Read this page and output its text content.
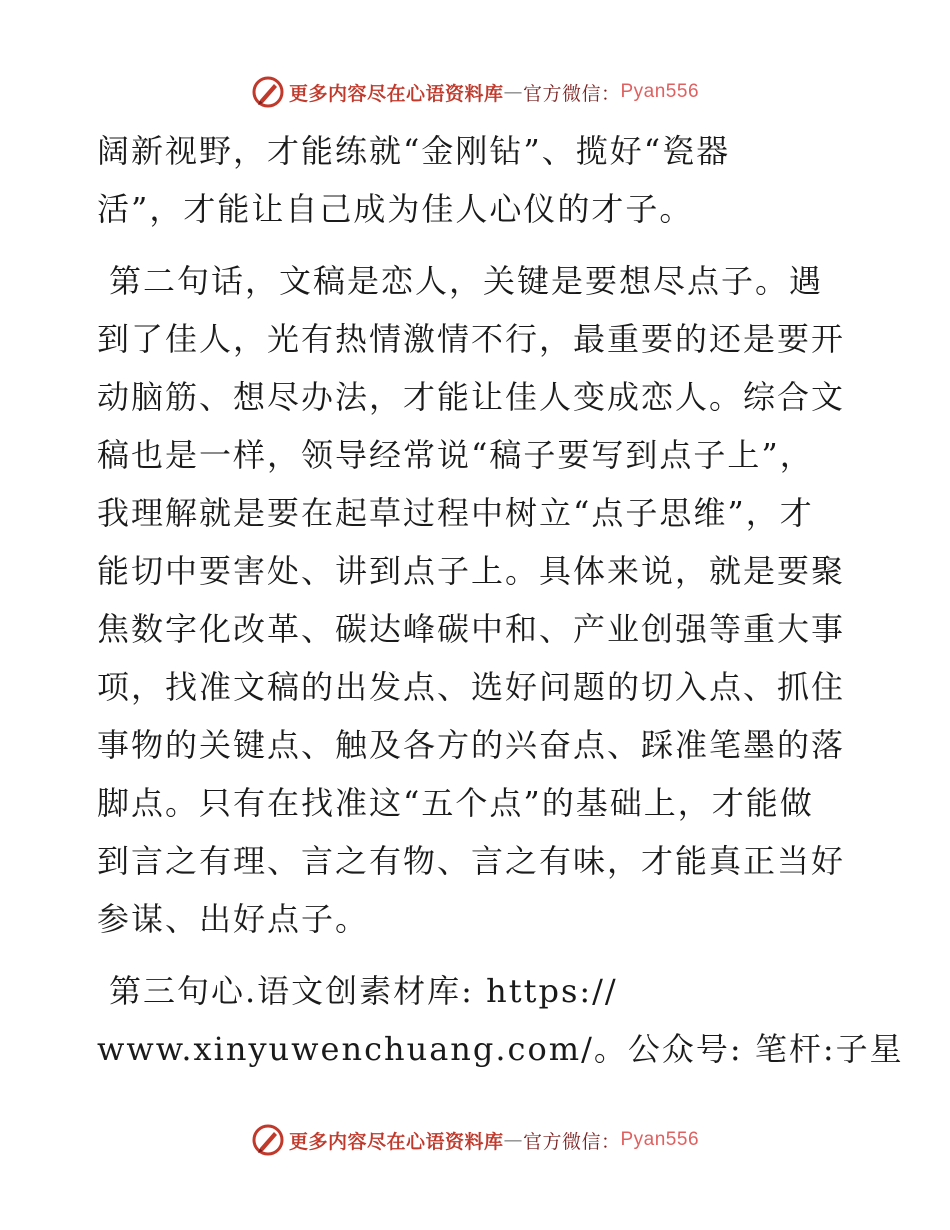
更多内容尽在心语资料库 — 官方微信： Pyan556
阔新视野，才能练就“金刚钻”、揽好“瓷器
活”，才能让自己成为佳人心仪的才子。
第二句话，文稿是恋人，关键是要想尽点子。遇
到了佳人，光有热情激情不行，最重要的还是要开
动脑筋、想尽办法，才能让佳人变成恋人。综合文
稿也是一样，领导经常说“稿子要写到点子上”，
我理解就是要在起草过程中树立“点子思维”，才
能切中要害处、讲到点子上。具体来说，就是要聚
焦数字化改革、碳达峰碳中和、产业创强等重大事
项，找准文稿的出发点、选好问题的切入点、抓住
事物的关键点、触及各方的兴奋点、踩准笔墨的落
脚点。只有在找准这“五个点”的基础上，才能做
到言之有理、言之有物、言之有味，才能真正当好
参谋、出好点子。
第三句心.语文创素材库: https://
www.xinyuwenchuang.com/。公众号: 笔杆:子星
更多内容尽在心语资料库 — 官方微信： Pyan556
